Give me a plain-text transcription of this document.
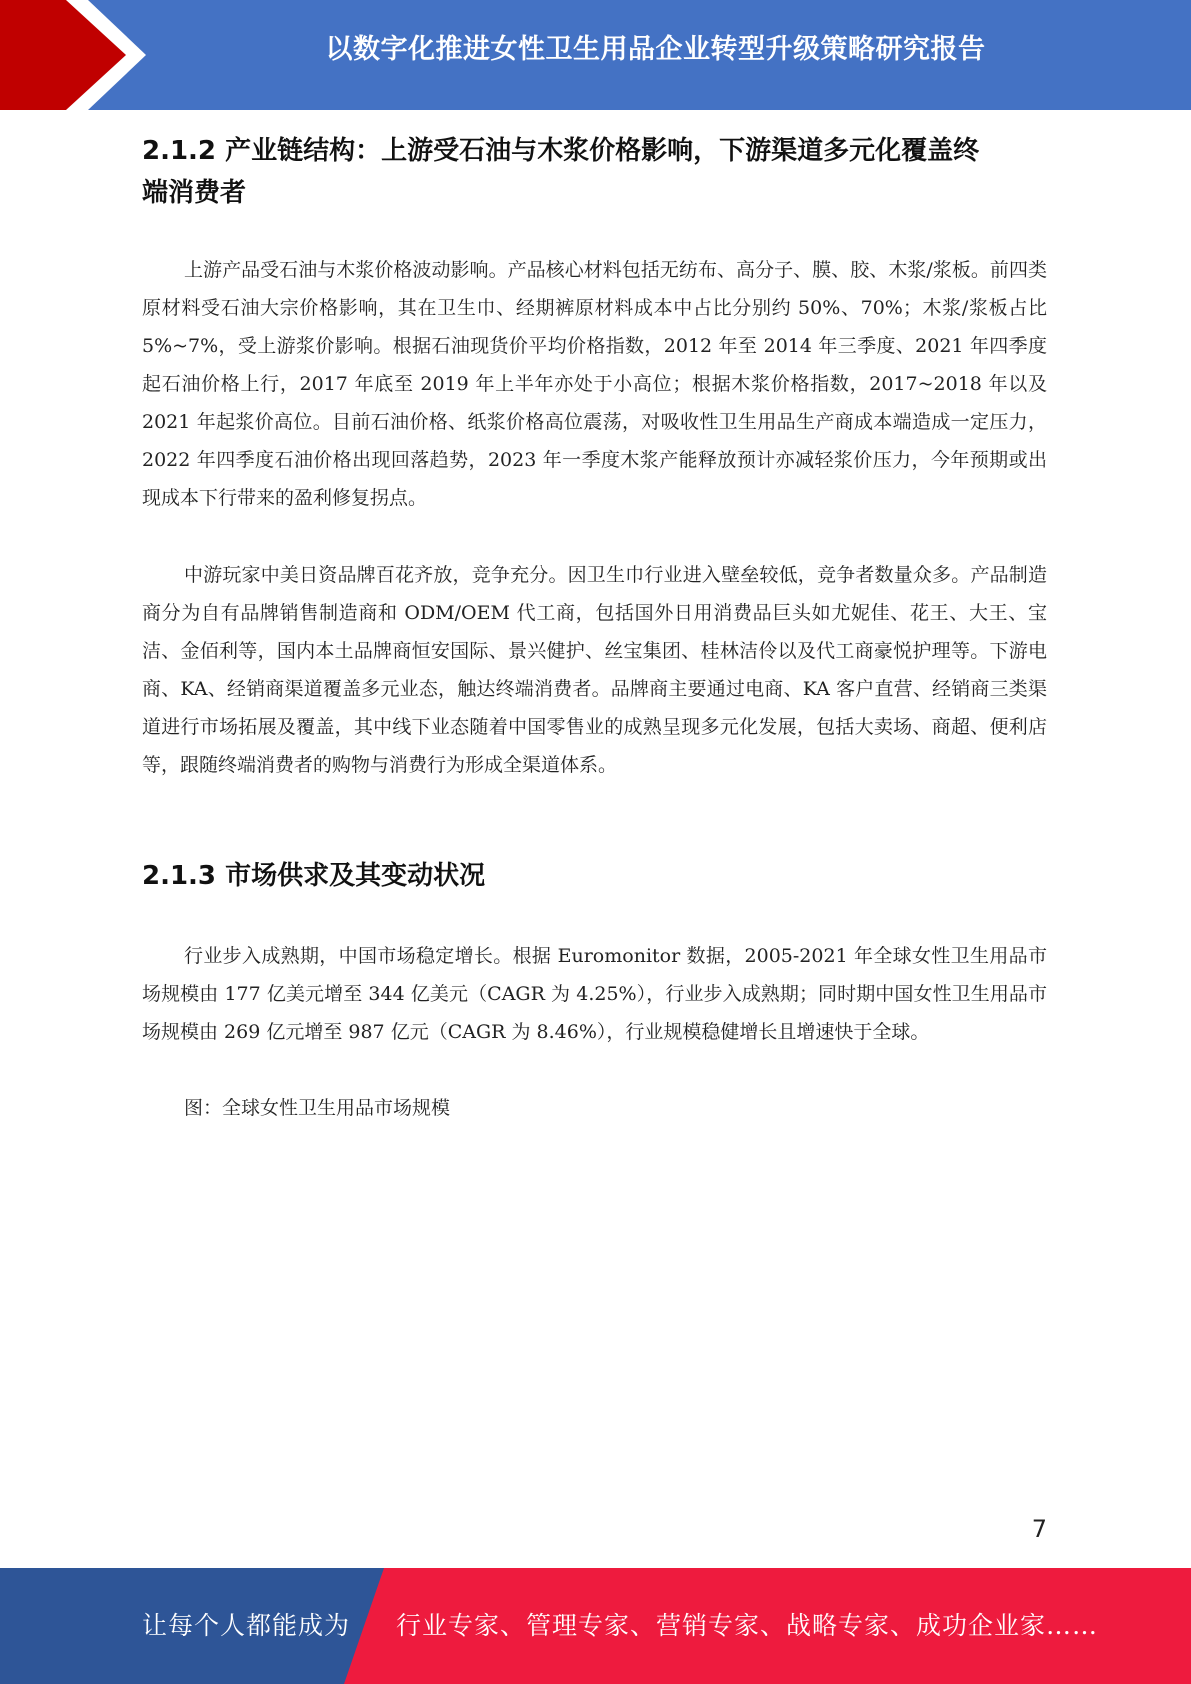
以数字化推进女性卫生用品企业转型升级策略研究报告
2.1.2 产业链结构：上游受石油与木浆价格影响，下游渠道多元化覆盖终
端消费者

上游产品受石油与木浆价格波动影响。产品核心材料包括无纺布、高分子、膜、胶、木浆/浆板。前四类原材料受石油大宗价格影响，其在卫生巾、经期裤原材料成本中占比分别约 50%、70%；木浆/浆板占比 5%~7%，受上游浆价影响。根据石油现货价平均价格指数，2012 年至 2014 年三季度、2021 年四季度起石油价格上行，2017 年底至 2019 年上半年亦处于小高位；根据木浆价格指数，2017~2018 年以及 2021 年起浆价高位。目前石油价格、纸浆价格高位震荡，对吸收性卫生用品生产商成本端造成一定压力，2022 年四季度石油价格出现回落趋势，2023 年一季度木浆产能释放预计亦减轻浆价压力，今年预期或出现成本下行带来的盈利修复拐点。

中游玩家中美日资品牌百花齐放，竞争充分。因卫生巾行业进入壁垒较低，竞争者数量众多。产品制造商分为自有品牌销售制造商和 ODM/OEM 代工商，包括国外日用消费品巨头如尤妮佳、花王、大王、宝洁、金佰利等，国内本土品牌商恒安国际、景兴健护、丝宝集团、桂林洁伶以及代工商豪悦护理等。下游电商、KA、经销商渠道覆盖多元业态，触达终端消费者。品牌商主要通过电商、KA 客户直营、经销商三类渠道进行市场拓展及覆盖，其中线下业态随着中国零售业的成熟呈现多元化发展，包括大卖场、商超、便利店等，跟随终端消费者的购物与消费行为形成全渠道体系。

2.1.3 市场供求及其变动状况

行业步入成熟期，中国市场稳定增长。根据 Euromonitor 数据，2005-2021 年全球女性卫生用品市场规模由 177 亿美元增至 344 亿美元（CAGR 为 4.25%），行业步入成熟期；同时期中国女性卫生用品市场规模由 269 亿元增至 987 亿元（CAGR 为 8.46%），行业规模稳健增长且增速快于全球。

图：全球女性卫生用品市场规模

7
让每个人都能成为 行业专家、管理专家、营销专家、战略专家、成功企业家……
